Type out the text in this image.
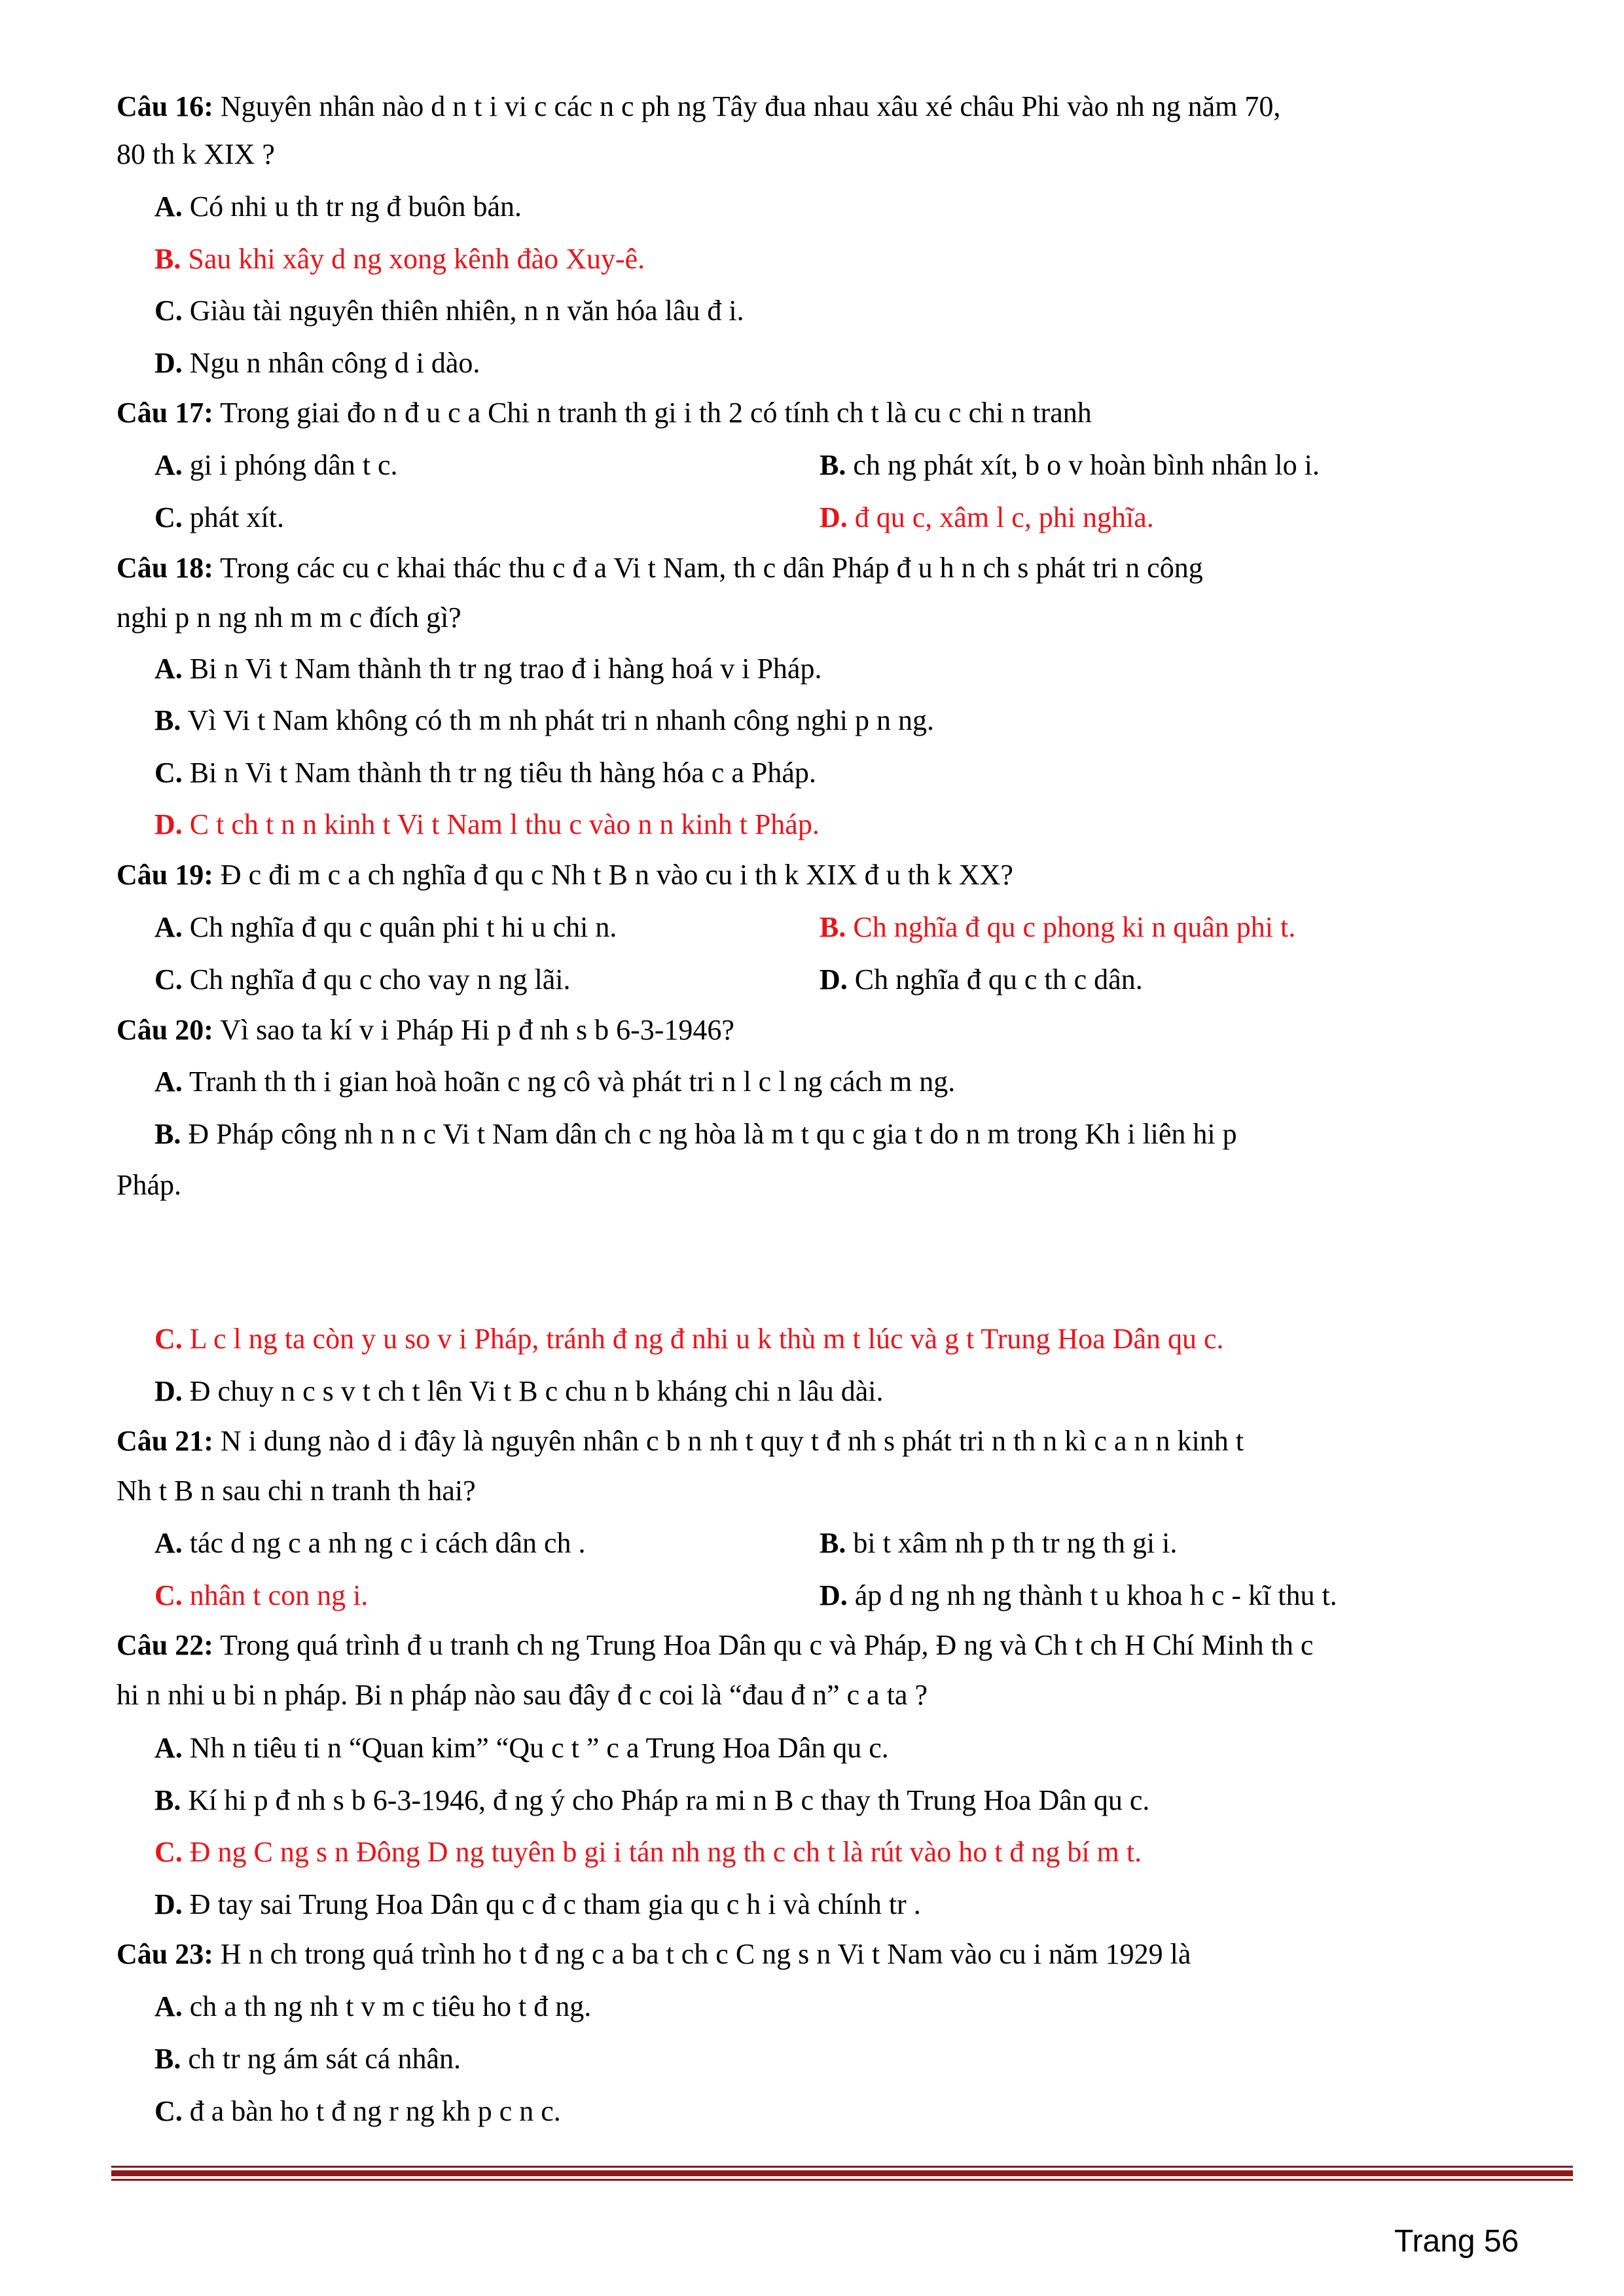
Câu 16: Nguyên nhân nào d n t i vi c các n c ph ng Tây đua nhau xâu xé châu Phi vào nh ng năm 70,
80 th k XIX ?
A. Có nhi u th tr ng đ buôn bán.
B. Sau khi xây d ng xong kênh đào Xuy-ê.
C. Giàu tài nguyên thiên nhiên, n n văn hóa lâu đ i.
D. Ngu n nhân công d i dào.
Câu 17: Trong giai đo n đ u c a Chi n tranh th gi i th 2 có tính ch t là cu c chi n tranh
A. gi i phóng dân t c.	B. ch ng phát xít, b o v hoàn bình nhân lo i.
C. phát xít.	D. đ qu c, xâm l c, phi nghĩa.
Câu 18: Trong các cu c khai thác thu c đ a Vi t Nam, th c dân Pháp đ u h n ch s phát tri n công
nghi p n ng nh m m c đích gì?
A. Bi n Vi t Nam thành th tr ng trao đ i hàng hoá v i Pháp.
B. Vì Vi t Nam không có th m nh phát tri n nhanh công nghi p n ng.
C. Bi n Vi t Nam thành th tr ng tiêu th hàng hóa c a Pháp.
D. C t ch t n n kinh t Vi t Nam l thu c vào n n kinh t Pháp.
Câu 19: Đ c đi m c a ch nghĩa đ qu c Nh t B n vào cu i th k XIX đ u th k XX?
A. Ch nghĩa đ qu c quân phi t hi u chi n.	B. Ch nghĩa đ qu c phong ki n quân phi t.
C. Ch nghĩa đ qu c cho vay n ng lãi.	D. Ch nghĩa đ qu c th c dân.
Câu 20: Vì sao ta kí v i Pháp Hi p đ nh s b 6-3-1946?
A. Tranh th th i gian hoà hoãn c ng cô và phát tri n l c l ng cách m ng.
B. Đ Pháp công nh n n c Vi t Nam dân ch c ng hòa là m t qu c gia t do n m trong Kh i liên hi p
Pháp.
C. L c l ng ta còn y u so v i Pháp, tránh đ ng đ nhi u k thù m t lúc và g t Trung Hoa Dân qu c.
D. Đ chuy n c s v t ch t lên Vi t B c chu n b kháng chi n lâu dài.
Câu 21: N i dung nào d i đây là nguyên nhân c b n nh t quy t đ nh s phát tri n th n kì c a n n kinh t
Nh t B n sau chi n tranh th hai?
A. tác d ng c a nh ng c i cách dân ch .	B. bi t xâm nh p th tr ng th gi i.
C. nhân t con ng i.	D. áp d ng nh ng thành t u khoa h c - kĩ thu t.
Câu 22: Trong quá trình đ u tranh ch ng Trung Hoa Dân qu c và Pháp, Đ ng và Ch t ch H Chí Minh th c
hi n nhi u bi n pháp. Bi n pháp nào sau đây đ c coi là “đau đ n” c a ta ?
A. Nh n tiêu ti n “Quan kim” “Qu c t ” c a Trung Hoa Dân qu c.
B. Kí hi p đ nh s b 6-3-1946, đ ng ý cho Pháp ra mi n B c thay th Trung Hoa Dân qu c.
C. Đ ng C ng s n Đông D ng tuyên b gi i tán nh ng th c ch t là rút vào ho t đ ng bí m t.
D. Đ tay sai Trung Hoa Dân qu c đ c tham gia qu c h i và chính tr .
Câu 23: H n ch trong quá trình ho t đ ng c a ba t ch c C ng s n Vi t Nam vào cu i năm 1929 là
A. ch a th ng nh t v m c tiêu ho t đ ng.
B. ch tr ng ám sát cá nhân.
C. đ a bàn ho t đ ng r ng kh p c n c.
Trang 56
